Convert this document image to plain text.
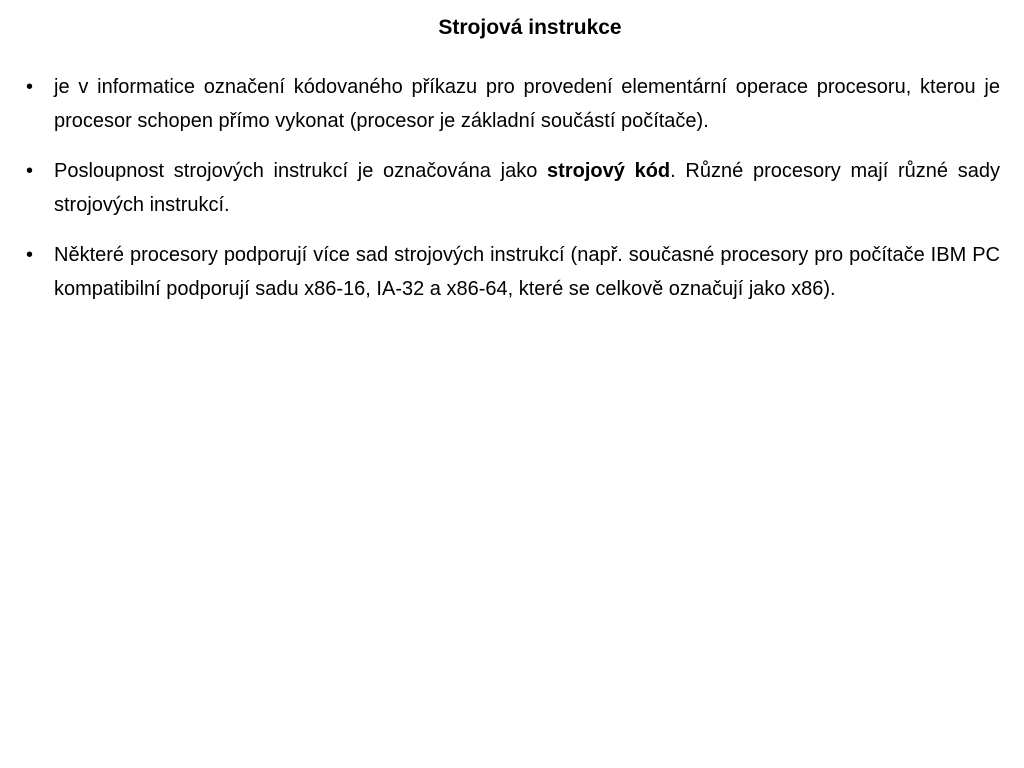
Strojová instrukce
•	je v informatice označení kódovaného příkazu pro provedení elementární operace procesoru, kterou je procesor schopen přímo vykonat (procesor je základní součástí počítače).
•	Posloupnost strojových instrukcí je označována jako strojový kód. Různé procesory mají různé sady strojových instrukcí.
•	Některé procesory podporují více sad strojových instrukcí (např. současné procesory pro počítače IBM PC kompatibilní podporují sadu x86-16, IA-32 a x86-64, které se celkově označují jako x86).
